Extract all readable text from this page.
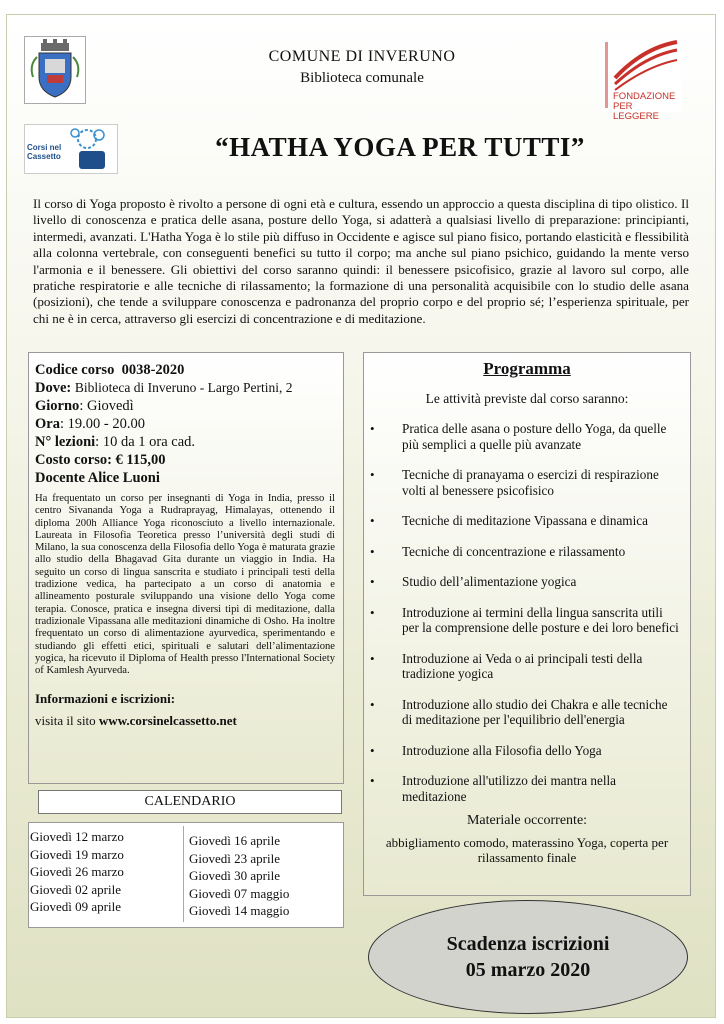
FONDAZIONE PER LEGGERE
Corsi nel Cassetto
COMUNE DI INVERUNO
Biblioteca comunale
“HATHA YOGA PER TUTTI”
Il corso di Yoga proposto è rivolto a persone di ogni età e cultura, essendo un approccio a questa disciplina di tipo olistico. Il livello di conoscenza e pratica delle asana, posture dello Yoga, si adatterà a qualsiasi livello di preparazione: principianti, intermedi, avanzati. L'Hatha Yoga è lo stile più diffuso in Occidente e agisce sul piano fisico, portando elasticità e flessibilità alla colonna vertebrale, con conseguenti benefici su tutto il corpo; ma anche sul piano psichico, guidando la mente verso l'armonia e il benessere. Gli obiettivi del corso saranno quindi: il benessere psicofisico, grazie al lavoro sul corpo, alle pratiche respiratorie e alle tecniche di rilassamento; la formazione di una personalità acquisibile con lo studio delle asana (posizioni), che tende a sviluppare conoscenza e padronanza del proprio corpo e del proprio sé; l’esperienza spirituale, per chi ne è in cerca, attraverso gli esercizi di concentrazione e di meditazione.

Codice corso 0038-2020

Dove: Biblioteca di Inveruno - Largo Pertini, 2

Giorno: Giovedì

Ora: 19.00 - 20.00

N° lezioni: 10 da 1 ora cad.

Costo corso: € 115,00

Docente Alice Luoni

Ha frequentato un corso per insegnanti di Yoga in India, presso il centro Sivananda Yoga a Rudraprayag, Himalayas, ottenendo il diploma 200h Alliance Yoga riconosciuto a livello internazionale. Laureata in Filosofia Teoretica presso l’università degli studi di Milano, la sua conoscenza della Filosofia dello Yoga è maturata grazie allo studio della Bhagavad Gita durante un viaggio in India. Ha seguito un corso di lingua sanscrita e studiato i principali testi della tradizione vedica, ha partecipato a un corso di anatomia e allineamento posturale sviluppando una visione dello Yoga come terapia. Conosce, pratica e insegna diversi tipi di meditazione, dalla tradizionale Vipassana alle meditazioni dinamiche di Osho. Ha inoltre frequentato un corso di alimentazione ayurvedica, sperimentando e studiando gli effetti etici, spirituali e salutari dell’alimentazione yogica, ha ricevuto il Diploma of Health presso l'International Society of Kamlesh Ayurveda.

Informazioni e iscrizioni:

visita il sito www.corsinelcassetto.net

Programma
Le attività previste dal corso saranno:
• Pratica delle asana o posture dello Yoga, da quelle più semplici a quelle più avanzate
• Tecniche di pranayama o esercizi di respirazione volti al benessere psicofisico
• Tecniche di meditazione Vipassana e dinamica
• Tecniche di concentrazione e rilassamento
• Studio dell’alimentazione yogica
• Introduzione ai termini della lingua sanscrita utili per la comprensione delle posture e dei loro benefici
• Introduzione ai Veda o ai principali testi della tradizione yogica
• Introduzione allo studio dei Chakra e alle tecniche di meditazione per l'equilibrio dell'energia
• Introduzione alla Filosofia dello Yoga
• Introduzione all'utilizzo dei mantra nella meditazione
Materiale occorrente:
abbigliamento comodo, materassino Yoga, coperta per rilassamento finale
CALENDARIO
Giovedì 12 marzo
Giovedì 19 marzo
Giovedì 26 marzo
Giovedì 02 aprile
Giovedì 09 aprile
Giovedì 16 aprile
Giovedì 23 aprile
Giovedì 30 aprile
Giovedì 07 maggio
Giovedì 14 maggio
Scadenza iscrizioni
05 marzo 2020
